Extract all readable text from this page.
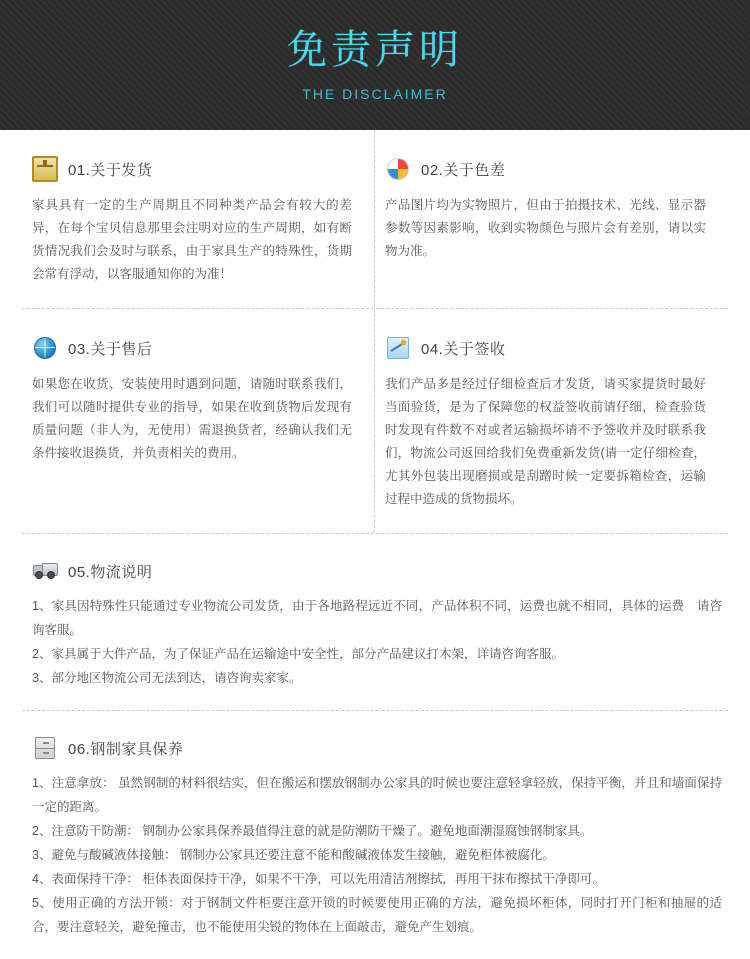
免责声明
THE DISCLAIMER
01.关于发货
家具具有一定的生产周期且不同种类产品会有较大的差异，在每个宝贝信息那里会注明对应的生产周期，如有断货情况我们会及时与联系，由于家具生产的特殊性，货期会常有浮动，以客服通知你的为准！
02.关于色差
产品图片均为实物照片，但由于拍摄技术、光线、显示器参数等因素影响，收到实物颜色与照片会有差别，请以实物为准。
03.关于售后
如果您在收货、安装使用时遇到问题，请随时联系我们，我们可以随时提供专业的指导，如果在收到货物后发现有质量问题（非人为，无使用）需退换货者，经确认我们无条件接收退换货，并负责相关的费用。
04.关于签收
我们产品多是经过仔细检查后才发货，请买家提货时最好当面验货，是为了保障您的权益签收前请仔细，检查验货时发现有件数不对或者运输损坏请不予签收并及时联系我们，物流公司返回给我们免费重新发货(请一定仔细检查，尤其外包装出现磨损或是刮蹭时候一定要拆箱检查，运输过程中造成的货物损坏。
05.物流说明
1、家具因特殊性只能通过专业物流公司发货，由于各地路程远近不同，产品体积不同，运费也就不相同，具体的运费　请咨询客服。
2、家具属于大件产品，为了保证产品在运输途中安全性，部分产品建议打木架，详请咨询客服。
3、部分地区物流公司无法到达，请咨询卖家家。
06.钢制家具保养
1、注意拿放： 虽然钢制的材料很结实，但在搬运和摆放钢制办公家具的时候也要注意轻拿轻放，保持平衡，并且和墙面保持一定的距离。
2、注意防干防潮： 钢制办公家具保养最值得注意的就是防潮防干燥了。避免地面潮湿腐蚀钢制家具。
3、避免与酸碱液体接触： 钢制办公家具还要注意不能和酸碱液体发生接触，避免柜体被腐化。
4、表面保持干净： 柜体表面保持干净，如果不干净，可以先用清洁剂擦拭，再用干抹布擦拭干净即可。
5、使用正确的方法开锁：对于钢制文件柜要注意开锁的时候要使用正确的方法，避免损坏柜体，同时打开门柜和抽屉的适合，要注意轻关，避免撞击，也不能使用尖锐的物体在上面敲击，避免产生划痕。
